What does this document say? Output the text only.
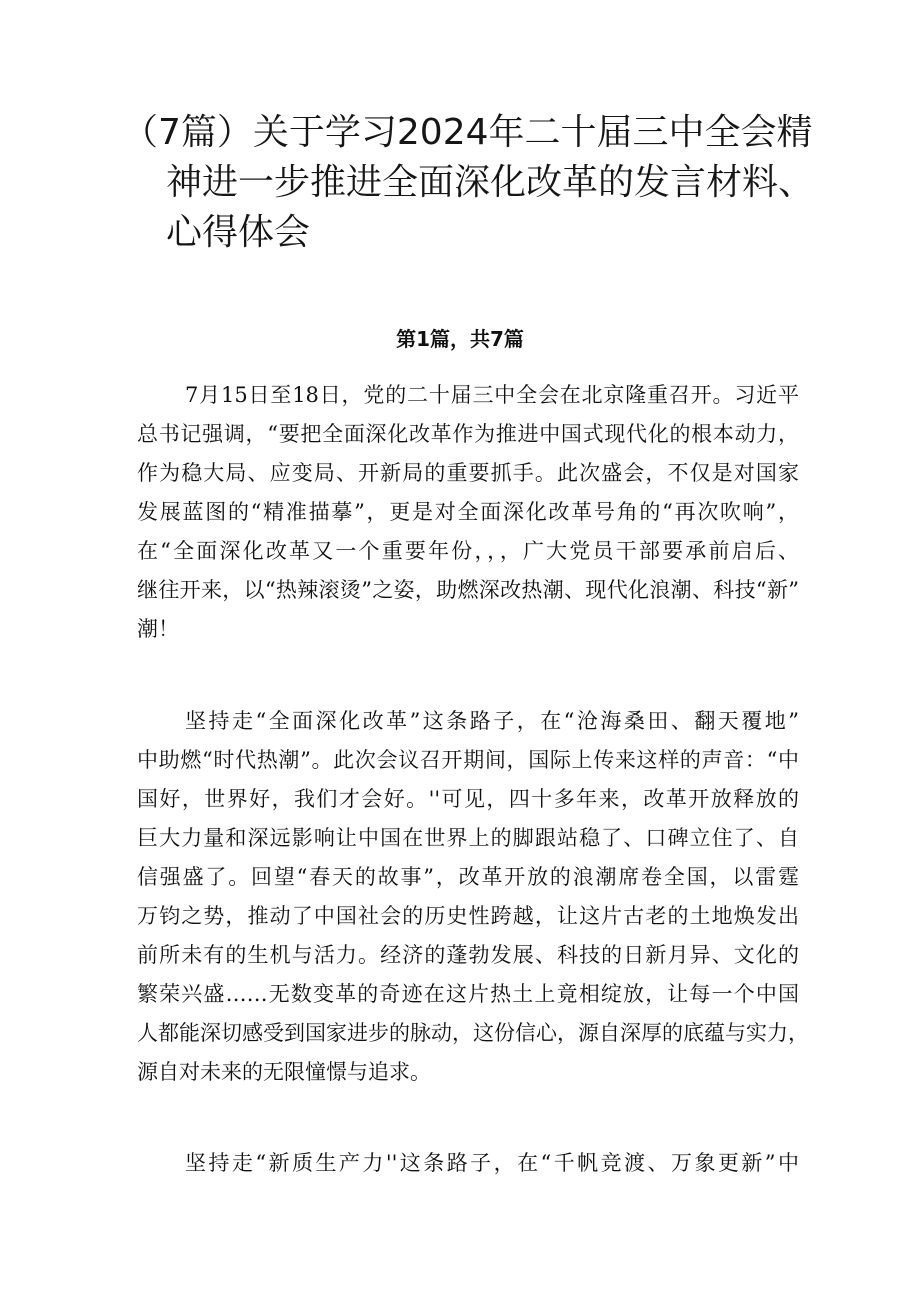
（7篇）关于学习2024年二十届三中全会精
神进一步推进全面深化改革的发言材料、
心得体会
第1篇，共7篇
7月15日至18日，党的二十届三中全会在北京隆重召开。习近平
总书记强调，“要把全面深化改革作为推进中国式现代化的根本动力，
作为稳大局、应变局、开新局的重要抓手。此次盛会，不仅是对国家
发展蓝图的“精准描摹”，更是对全面深化改革号角的“再次吹响”，
在“全面深化改革又一个重要年份，，，广大党员干部要承前启后、
继往开来，以“热辣滚烫”之姿，助燃深改热潮、现代化浪潮、科技“新”
潮！
坚持走“全面深化改革”这条路子，在“沧海桑田、翻天覆地”
中助燃“时代热潮”。此次会议召开期间，国际上传来这样的声音：“中
国好，世界好，我们才会好。''可见，四十多年来，改革开放释放的
巨大力量和深远影响让中国在世界上的脚跟站稳了、口碑立住了、自
信强盛了。回望“春天的故事”，改革开放的浪潮席卷全国，以雷霆
万钧之势，推动了中国社会的历史性跨越，让这片古老的土地焕发出
前所未有的生机与活力。经济的蓬勃发展、科技的日新月异、文化的
繁荣兴盛……无数变革的奇迹在这片热土上竟相绽放，让每一个中国
人都能深切感受到国家进步的脉动，这份信心，源自深厚的底蕴与实力，
源自对未来的无限憧憬与追求。
坚持走“新质生产力''这条路子，在“千帆竞渡、万象更新”中
